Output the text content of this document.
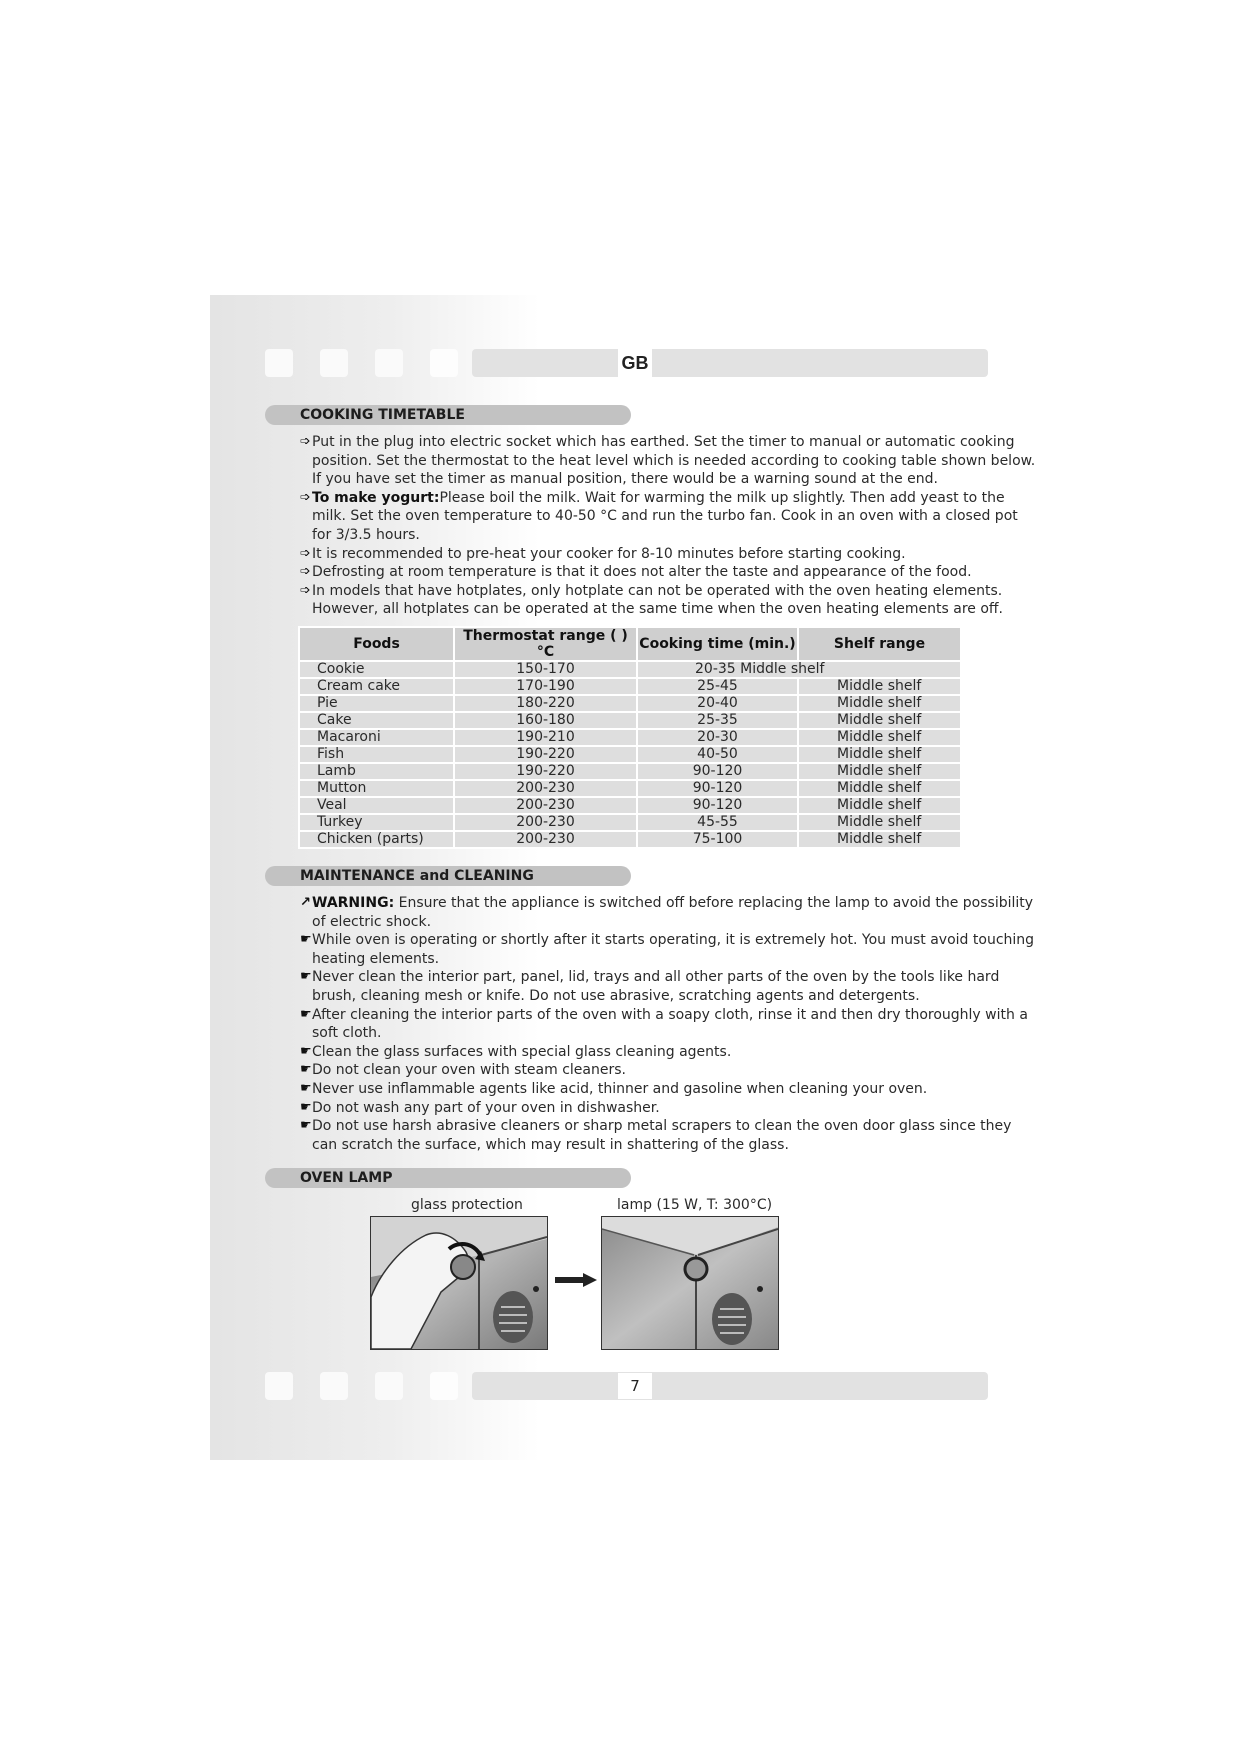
GB
COOKING TIMETABLE
➩ Put in the plug into electric socket which has earthed. Set the timer to manual or automatic cooking position. Set the thermostat to the heat level which is needed according to cooking table shown below. If you have set the timer as manual position, there would be a warning sound at the end.
➩ To make yogurt:Please boil the milk. Wait for warming the milk up slightly. Then add yeast to the milk. Set the oven temperature to 40-50 °C and run the turbo fan. Cook in an oven with a closed pot for 3/3.5 hours.
➩ It is recommended to pre-heat your cooker for 8-10 minutes before starting cooking.
➩ Defrosting at room temperature is that it does not alter the taste and appearance of the food.
➩ In models that have hotplates, only hotplate can not be operated with the oven heating elements. However, all hotplates can be operated at the same time when the oven heating elements are off.
Foods	Thermostat range ( )°C	Cooking time (min.)	Shelf range
Cookie	150-170	20-35 Middle shelf	
Cream cake	170-190	25-45	Middle shelf
Pie	180-220	20-40	Middle shelf
Cake	160-180	25-35	Middle shelf
Macaroni	190-210	20-30	Middle shelf
Fish	190-220	40-50	Middle shelf
Lamb	190-220	90-120	Middle shelf
Mutton	200-230	90-120	Middle shelf
Veal	200-230	90-120	Middle shelf
Turkey	200-230	45-55	Middle shelf
Chicken (parts)	200-230	75-100	Middle shelf
MAINTENANCE and CLEANING
↗ WARNING: Ensure that the appliance is switched off before replacing the lamp to avoid the possibility of electric shock.
☛ While oven is operating or shortly after it starts operating, it is extremely hot. You must avoid touching heating elements.
☛ Never clean the interior part, panel, lid, trays and all other parts of the oven by the tools like hard brush, cleaning mesh or knife. Do not use abrasive, scratching agents and detergents.
☛ After cleaning the interior parts of the oven with a soapy cloth, rinse it and then dry thoroughly with a soft cloth.
☛ Clean the glass surfaces with special glass cleaning agents.
☛ Do not clean your oven with steam cleaners.
☛ Never use inflammable agents like acid, thinner and gasoline when cleaning your oven.
☛ Do not wash any part of your oven in dishwasher.
☛ Do not use harsh abrasive cleaners or sharp metal scrapers to clean the oven door glass since they can scratch the surface, which may result in shattering of the glass.
OVEN LAMP
glass protection	lamp (15 W, T: 300°C)
7
